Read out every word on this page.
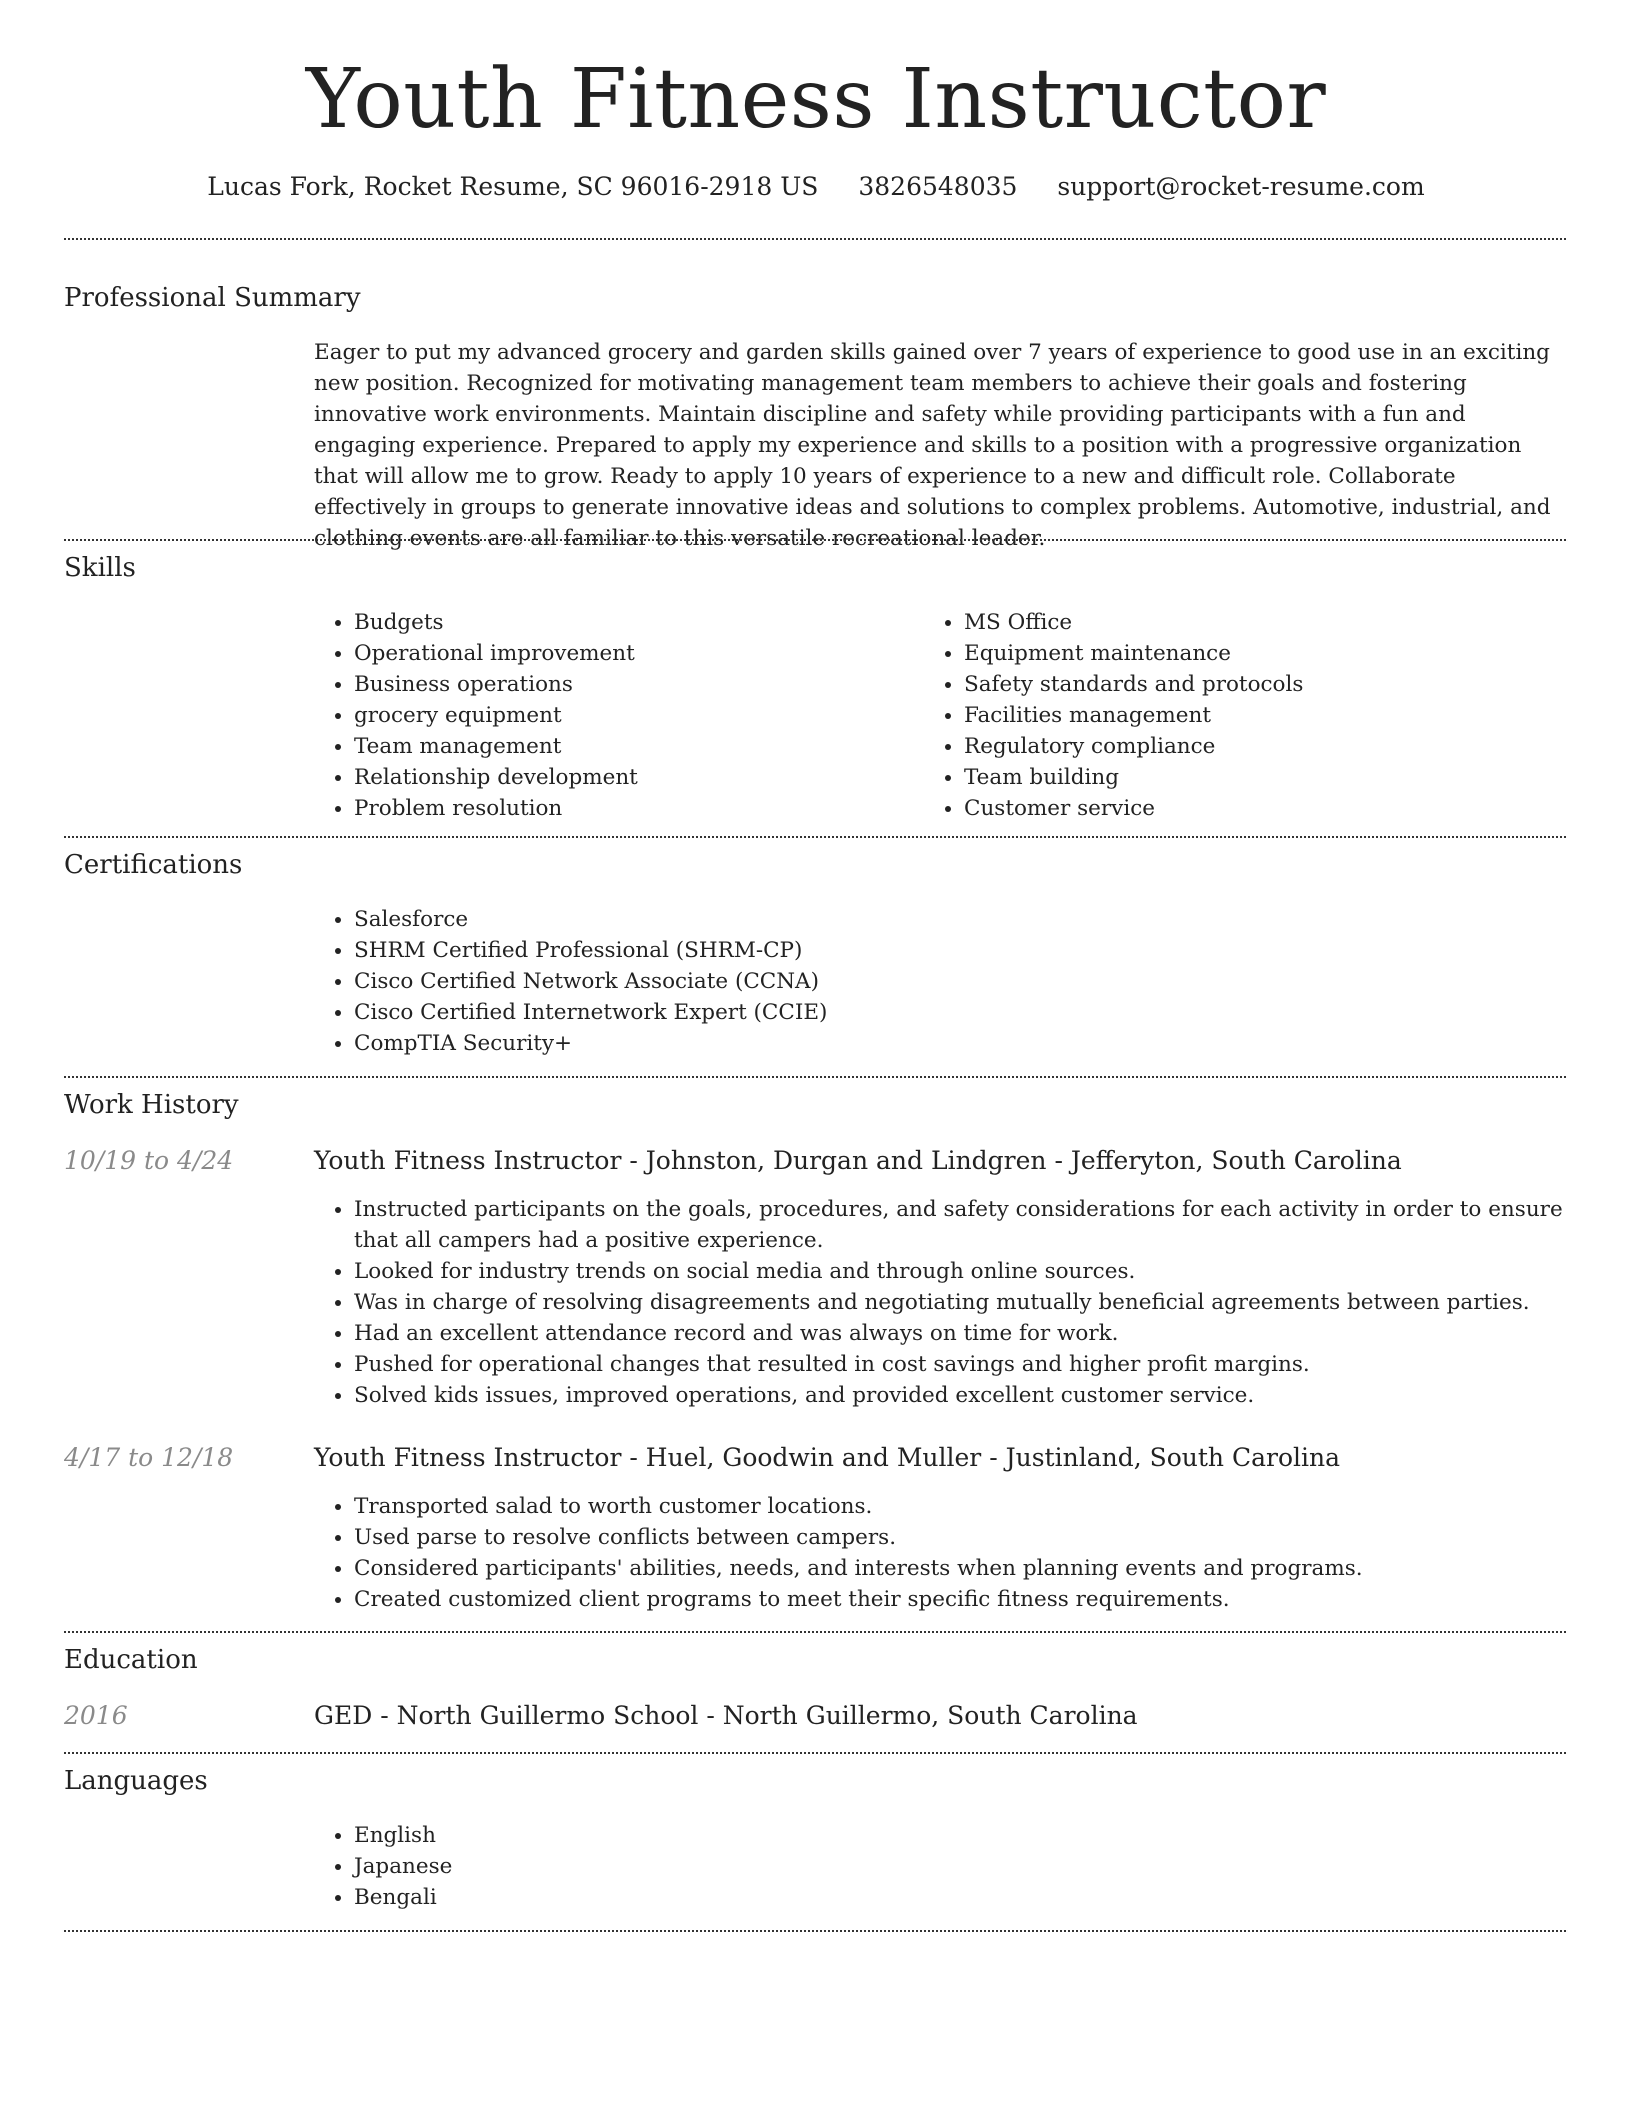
Youth Fitness Instructor
Lucas Fork, Rocket Resume, SC 96016-2918 US 3826548035 support@rocket-resume.com
Professional Summary
Eager to put my advanced grocery and garden skills gained over 7 years of experience to good use in an exciting new position. Recognized for motivating management team members to achieve their goals and fostering innovative work environments. Maintain discipline and safety while providing participants with a fun and engaging experience. Prepared to apply my experience and skills to a position with a progressive organization that will allow me to grow. Ready to apply 10 years of experience to a new and difficult role. Collaborate effectively in groups to generate innovative ideas and solutions to complex problems. Automotive, industrial, and clothing events are all familiar to this versatile recreational leader.
Skills
• Budgets
• Operational improvement
• Business operations
• grocery equipment
• Team management
• Relationship development
• Problem resolution
• MS Office
• Equipment maintenance
• Safety standards and protocols
• Facilities management
• Regulatory compliance
• Team building
• Customer service
Certifications
• Salesforce
• SHRM Certified Professional (SHRM-CP)
• Cisco Certified Network Associate (CCNA)
• Cisco Certified Internetwork Expert (CCIE)
• CompTIA Security+
Work History
10/19 to 4/24	Youth Fitness Instructor - Johnston, Durgan and Lindgren - Jefferyton, South Carolina
• Instructed participants on the goals, procedures, and safety considerations for each activity in order to ensure that all campers had a positive experience.
• Looked for industry trends on social media and through online sources.
• Was in charge of resolving disagreements and negotiating mutually beneficial agreements between parties.
• Had an excellent attendance record and was always on time for work.
• Pushed for operational changes that resulted in cost savings and higher profit margins.
• Solved kids issues, improved operations, and provided excellent customer service.
4/17 to 12/18	Youth Fitness Instructor - Huel, Goodwin and Muller - Justinland, South Carolina
• Transported salad to worth customer locations.
• Used parse to resolve conflicts between campers.
• Considered participants' abilities, needs, and interests when planning events and programs.
• Created customized client programs to meet their specific fitness requirements.
Education
2016	GED - North Guillermo School - North Guillermo, South Carolina
Languages
• English
• Japanese
• Bengali
